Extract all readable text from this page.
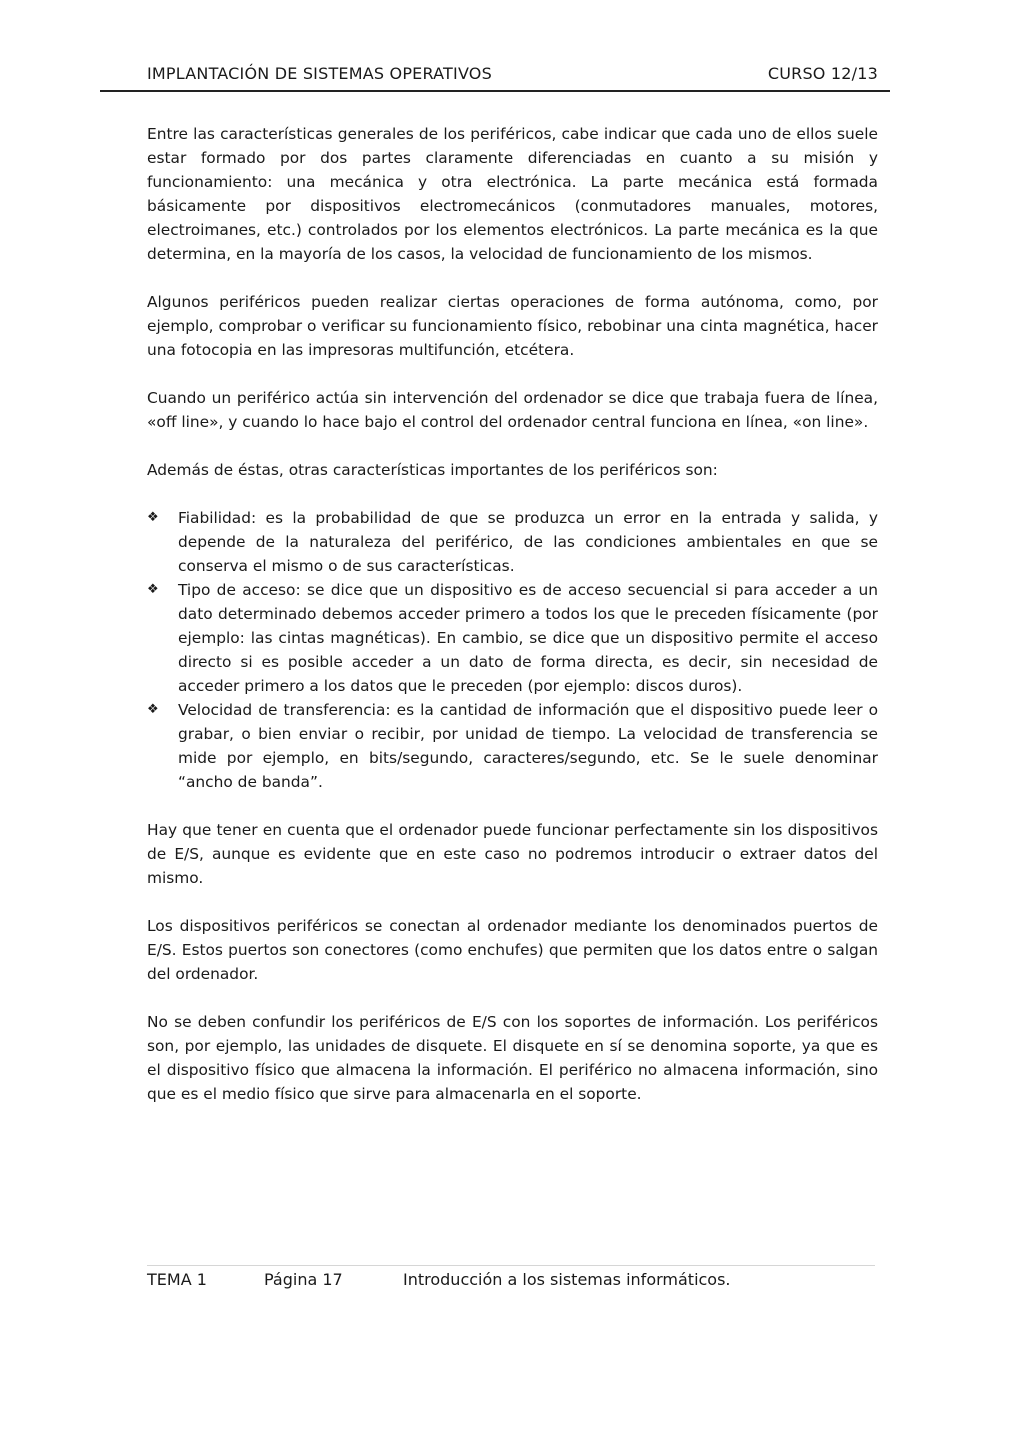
IMPLANTACIÓN DE SISTEMAS OPERATIVOS	CURSO 12/13

Entre las características generales de los periféricos, cabe indicar que cada uno de ellos suele estar formado por dos partes claramente diferenciadas en cuanto a su misión y funcionamiento: una mecánica y otra electrónica. La parte mecánica está formada básicamente por dispositivos electromecánicos (conmutadores manuales, motores, electroimanes, etc.) controlados por los elementos electrónicos. La parte mecánica es la que determina, en la mayoría de los casos, la velocidad de funcionamiento de los mismos.

Algunos periféricos pueden realizar ciertas operaciones de forma autónoma, como, por ejemplo, comprobar o verificar su funcionamiento físico, rebobinar una cinta magnética, hacer una fotocopia en las impresoras multifunción, etcétera.

Cuando un periférico actúa sin intervención del ordenador se dice que trabaja fuera de línea, «off line», y cuando lo hace bajo el control del ordenador central funciona en línea, «on line».

Además de éstas, otras características importantes de los periféricos son:

❖	Fiabilidad: es la probabilidad de que se produzca un error en la entrada y salida, y depende de la naturaleza del periférico, de las condiciones ambientales en que se conserva el mismo o de sus características.
❖	Tipo de acceso: se dice que un dispositivo es de acceso secuencial si para acceder a un dato determinado debemos acceder primero a todos los que le preceden físicamente (por ejemplo: las cintas magnéticas). En cambio, se dice que un dispositivo permite el acceso directo si es posible acceder a un dato de forma directa, es decir, sin necesidad de acceder primero a los datos que le preceden (por ejemplo: discos duros).
❖	Velocidad de transferencia: es la cantidad de información que el dispositivo puede leer o grabar, o bien enviar o recibir, por unidad de tiempo. La velocidad de transferencia se mide por ejemplo, en bits/segundo, caracteres/segundo, etc. Se le suele denominar “ancho de banda”.

Hay que tener en cuenta que el ordenador puede funcionar perfectamente sin los dispositivos de E/S, aunque es evidente que en este caso no podremos introducir o extraer datos del mismo.

Los dispositivos periféricos se conectan al ordenador mediante los denominados puertos de E/S. Estos puertos son conectores (como enchufes) que permiten que los datos entre o salgan del ordenador.

No se deben confundir los periféricos de E/S con los soportes de información. Los periféricos son, por ejemplo, las unidades de disquete. El disquete en sí se denomina soporte, ya que es el dispositivo físico que almacena la información. El periférico no almacena información, sino que es el medio físico que sirve para almacenarla en el soporte.

TEMA 1	Página 17	Introducción a los sistemas informáticos.
